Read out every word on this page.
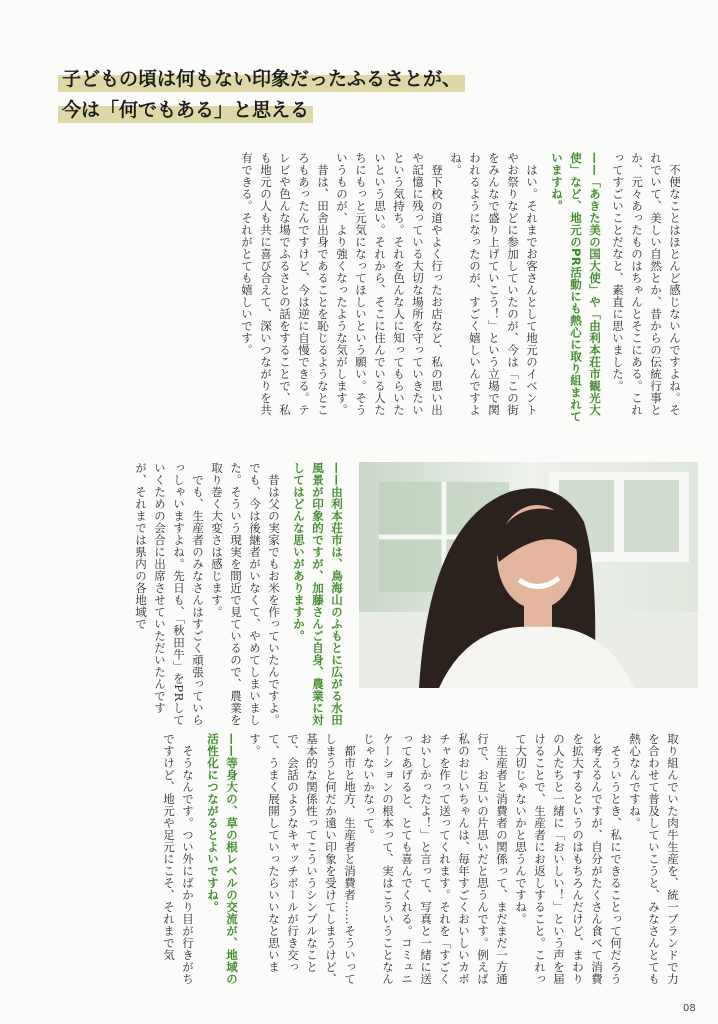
子どもの頃は何もない印象だったふるさとが、
今は「何でもある」と思える

不便なことはほとんど感じないんですよね。それでいて、美しい自然とか、昔からの伝統行事とか、元々あったものはちゃんとそこにある。これってすごいことだなと、素直に思いました。

——「あきた美の国大使」や「由利本荘市観光大使」など、地元のPR活動にも熱心に取り組まれていますね。

はい。それまでお客さんとして地元のイベントやお祭りなどに参加していたのが、今は「この街をみんなで盛り上げていこう！」という立場で関われるようになったのが、すごく嬉しいんですよね。

登下校の道やよく行ったお店など、私の思い出や記憶に残っている大切な場所を守っていきたいという気持ち。それを色んな人に知ってもらいたいという思い。それから、そこに住んでいる人たちにもっと元気になってほしいという願い。そういうものが、より強くなったような気がします。

昔は、田舎出身であることを恥じるようなところもあったんですけど、今は逆に自慢できる。テレビや色んな場でふるさとの話をすることで、私も地元の人も共に喜び合えて、深いつながりを共有できる。それがとても嬉しいです。

——由利本荘市は、鳥海山のふもとに広がる水田風景が印象的ですが、加藤さんご自身、農業に対してはどんな思いがありますか。

昔は父の実家でもお米を作っていたんですよ。でも、今は後継者がいなくて、やめてしまいました。そういう現実を間近で見ているので、農業を取り巻く大変さは感じます。

でも、生産者のみなさんはすごく頑張っていらっしゃいますよね。先日も、「秋田牛」をPRしていくための会合に出席させていただいたんですが、それまでは県内の各地域で

取り組んでいた肉牛生産を、統一ブランドで力を合わせて普及していこうと、みなさんとても熱心なんですね。

そういうとき、私にできることって何だろうと考えるんですが、自分がたくさん食べて消費を拡大するというのはもちろんだけど、まわりの人たちと一緒に「おいしい！」という声を届けることで、生産者にお返しすること。これって大切じゃないかと思うんですね。

生産者と消費者の関係って、まだまだ一方通行で、お互いの片思いだと思うんです。例えば私のおじいちゃんは、毎年すごくおいしいカボチャを作って送ってくれます。それを「すごくおいしかったよ！」と言って、写真と一緒に送ってあげると、とても喜んでくれる。コミュニケーションの根本って、実はこういうことなんじゃないかなって。

都市と地方、生産者と消費者……そういってしまうと何だか遠い印象を受けてしまうけど、基本的な関係性ってこういうシンプルなことで、会話のようなキャッチボールが行き交って、うまく展開していったらいいなと思います。

——等身大の、草の根レベルの交流が、地域の活性化につながるとよいですね。

そうなんです。つい外にばかり目が行きがちですけど、地元や足元にこそ、それまで気

08
